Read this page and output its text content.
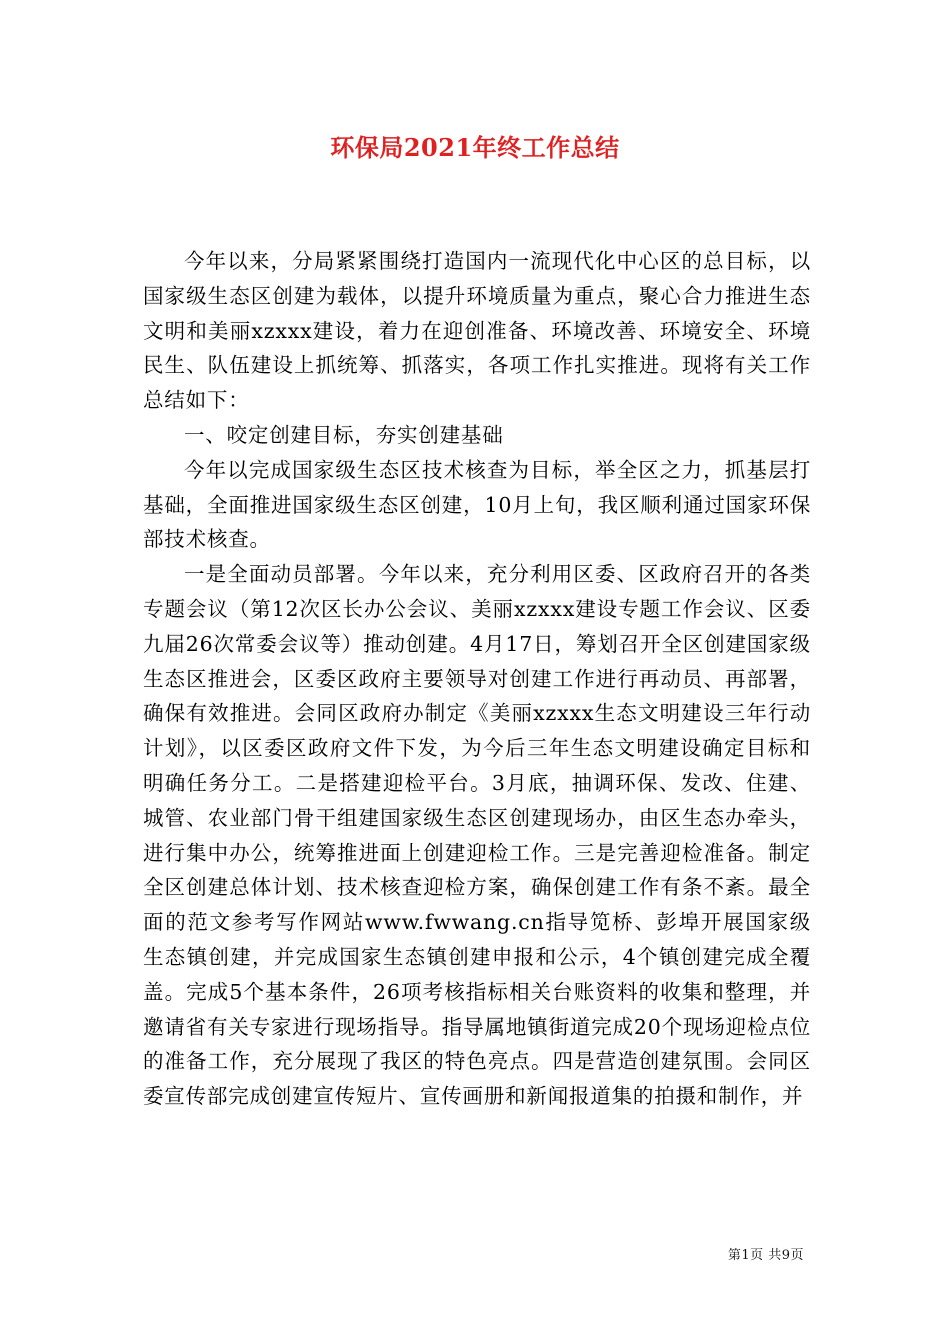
环保局2021年终工作总结

今年以来，分局紧紧围绕打造国内一流现代化中心区的总目标，以国家级生态区创建为载体，以提升环境质量为重点，聚心合力推进生态文明和美丽xzxxx建设，着力在迎创准备、环境改善、环境安全、环境民生、队伍建设上抓统筹、抓落实，各项工作扎实推进。现将有关工作总结如下：

一、咬定创建目标，夯实创建基础

今年以完成国家级生态区技术核查为目标，举全区之力，抓基层打基础，全面推进国家级生态区创建，10月上旬，我区顺利通过国家环保部技术核查。

一是全面动员部署。今年以来，充分利用区委、区政府召开的各类专题会议（第12次区长办公会议、美丽xzxxx建设专题工作会议、区委九届26次常委会议等）推动创建。4月17日，筹划召开全区创建国家级生态区推进会，区委区政府主要领导对创建工作进行再动员、再部署，确保有效推进。会同区政府办制定《美丽xzxxx生态文明建设三年行动计划》，以区委区政府文件下发，为今后三年生态文明建设确定目标和明确任务分工。二是搭建迎检平台。3月底，抽调环保、发改、住建、城管、农业部门骨干组建国家级生态区创建现场办，由区生态办牵头，进行集中办公，统筹推进面上创建迎检工作。三是完善迎检准备。制定全区创建总体计划、技术核查迎检方案，确保创建工作有条不紊。最全面的范文参考写作网站www.fwwang.cn指导笕桥、彭埠开展国家级生态镇创建，并完成国家生态镇创建申报和公示，4个镇创建完成全覆盖。完成5个基本条件，26项考核指标相关台账资料的收集和整理，并邀请省有关专家进行现场指导。指导属地镇街道完成20个现场迎检点位的准备工作，充分展现了我区的特色亮点。四是营造创建氛围。会同区委宣传部完成创建宣传短片、宣传画册和新闻报道集的拍摄和制作，并

第1页 共9页
